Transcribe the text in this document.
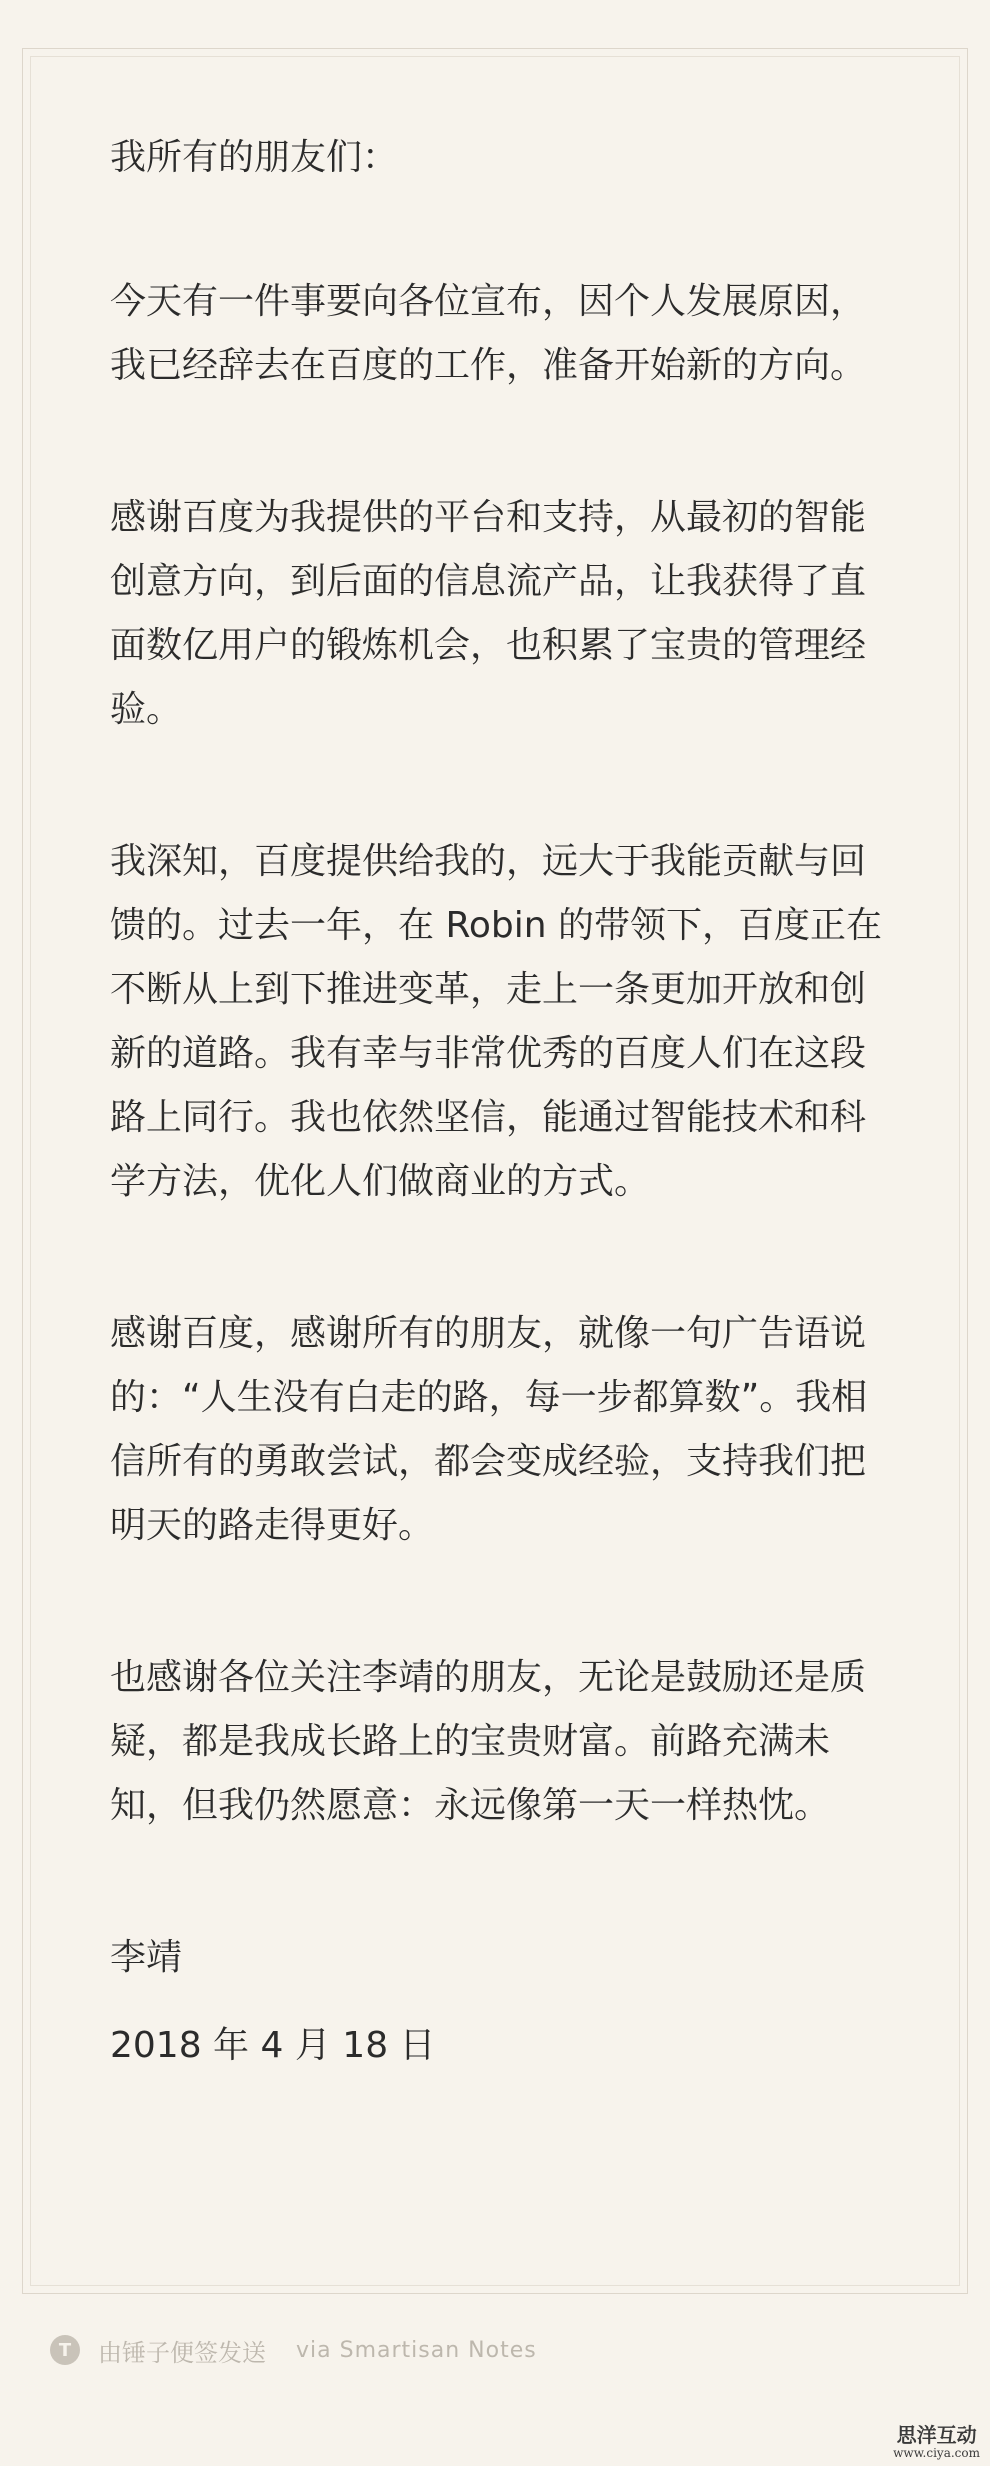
我所有的朋友们：

今天有一件事要向各位宣布，因个人发展原因，我已经辞去在百度的工作，准备开始新的方向。

感谢百度为我提供的平台和支持，从最初的智能创意方向，到后面的信息流产品，让我获得了直面数亿用户的锻炼机会，也积累了宝贵的管理经验。

我深知，百度提供给我的，远大于我能贡献与回馈的。过去一年，在 Robin 的带领下，百度正在不断从上到下推进变革，走上一条更加开放和创新的道路。我有幸与非常优秀的百度人们在这段路上同行。我也依然坚信，能通过智能技术和科学方法，优化人们做商业的方式。

感谢百度，感谢所有的朋友，就像一句广告语说的：“人生没有白走的路，每一步都算数”。我相信所有的勇敢尝试，都会变成经验，支持我们把明天的路走得更好。

也感谢各位关注李靖的朋友，无论是鼓励还是质疑，都是我成长路上的宝贵财富。前路充满未知，但我仍然愿意：永远像第一天一样热忱。

李靖

2018 年 4 月 18 日

T	由锤子便签发送 via Smartisan Notes
思洋互动
www.ciya.com
